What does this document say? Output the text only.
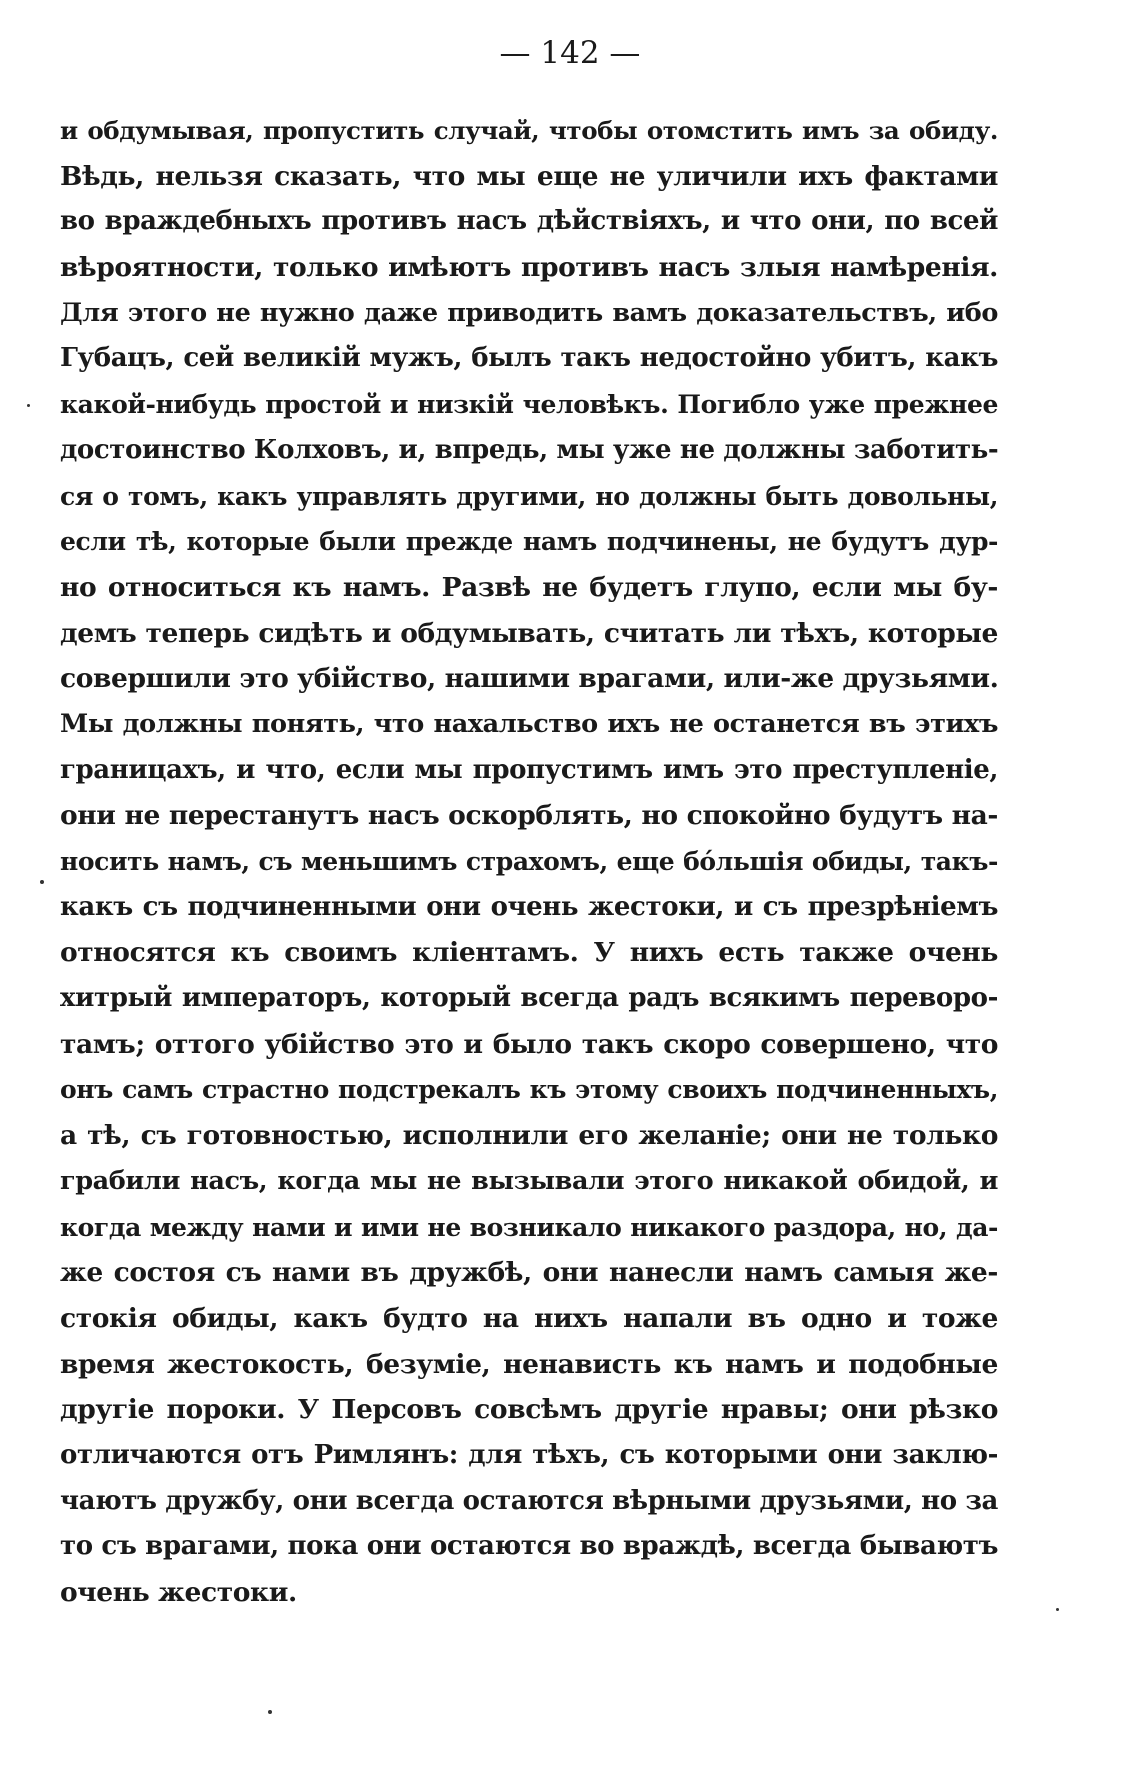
— 142 —
и обдумывая, пропустить случай, чтобы отомстить имъ за обиду.
Вѣдь, нельзя сказать, что мы еще не уличили ихъ фактами
во враждебныхъ противъ насъ дѣйствiяхъ, и что они, по всей
вѣроятности, только имѣютъ противъ насъ злыя намѣренiя.
Для этого не нужно даже приводить вамъ доказательствъ, ибо
Губацъ, сей великiй мужъ, былъ такъ недостойно убитъ, какъ
какой-нибудь простой и низкiй человѣкъ. Погибло уже прежнее
достоинство Колховъ, и, впредь, мы уже не должны заботить-
ся о томъ, какъ управлять другими, но должны быть довольны,
если тѣ, которые были прежде намъ подчинены, не будутъ дур-
но относиться къ намъ. Развѣ не будетъ глупо, если мы бу-
демъ теперь сидѣть и обдумывать, считать ли тѣхъ, которые
совершили это убiйство, нашими врагами, или-же друзьями.
Мы должны понять, что нахальство ихъ не останется въ этихъ
границахъ, и что, если мы пропустимъ имъ это преступленiе,
они не перестанутъ насъ оскорблять, но спокойно будутъ на-
носить намъ, съ меньшимъ страхомъ, еще бóльшiя обиды, такъ-
какъ съ подчиненными они очень жестоки, и съ презрѣнiемъ
относятся къ своимъ клiентамъ. У нихъ есть также очень
хитрый императоръ, который всегда радъ всякимъ переворо-
тамъ; оттого убiйство это и было такъ скоро совершено, что
онъ самъ страстно подстрекалъ къ этому своихъ подчиненныхъ,
а тѣ, съ готовностью, исполнили его желанiе; они не только
грабили насъ, когда мы не вызывали этого никакой обидой, и
когда между нами и ими не возникало никакого раздора, но, да-
же состоя съ нами въ дружбѣ, они нанесли намъ самыя же-
стокiя обиды, какъ будто на нихъ напали въ одно и тоже
время жестокость, безумiе, ненависть къ намъ и подобные
другiе пороки. У Персовъ совсѣмъ другiе нравы; они рѣзко
отличаются отъ Римлянъ: для тѣхъ, съ которыми они заклю-
чаютъ дружбу, они всегда остаются вѣрными друзьями, но за
то съ врагами, пока они остаются во враждѣ, всегда бываютъ
очень жестоки.
